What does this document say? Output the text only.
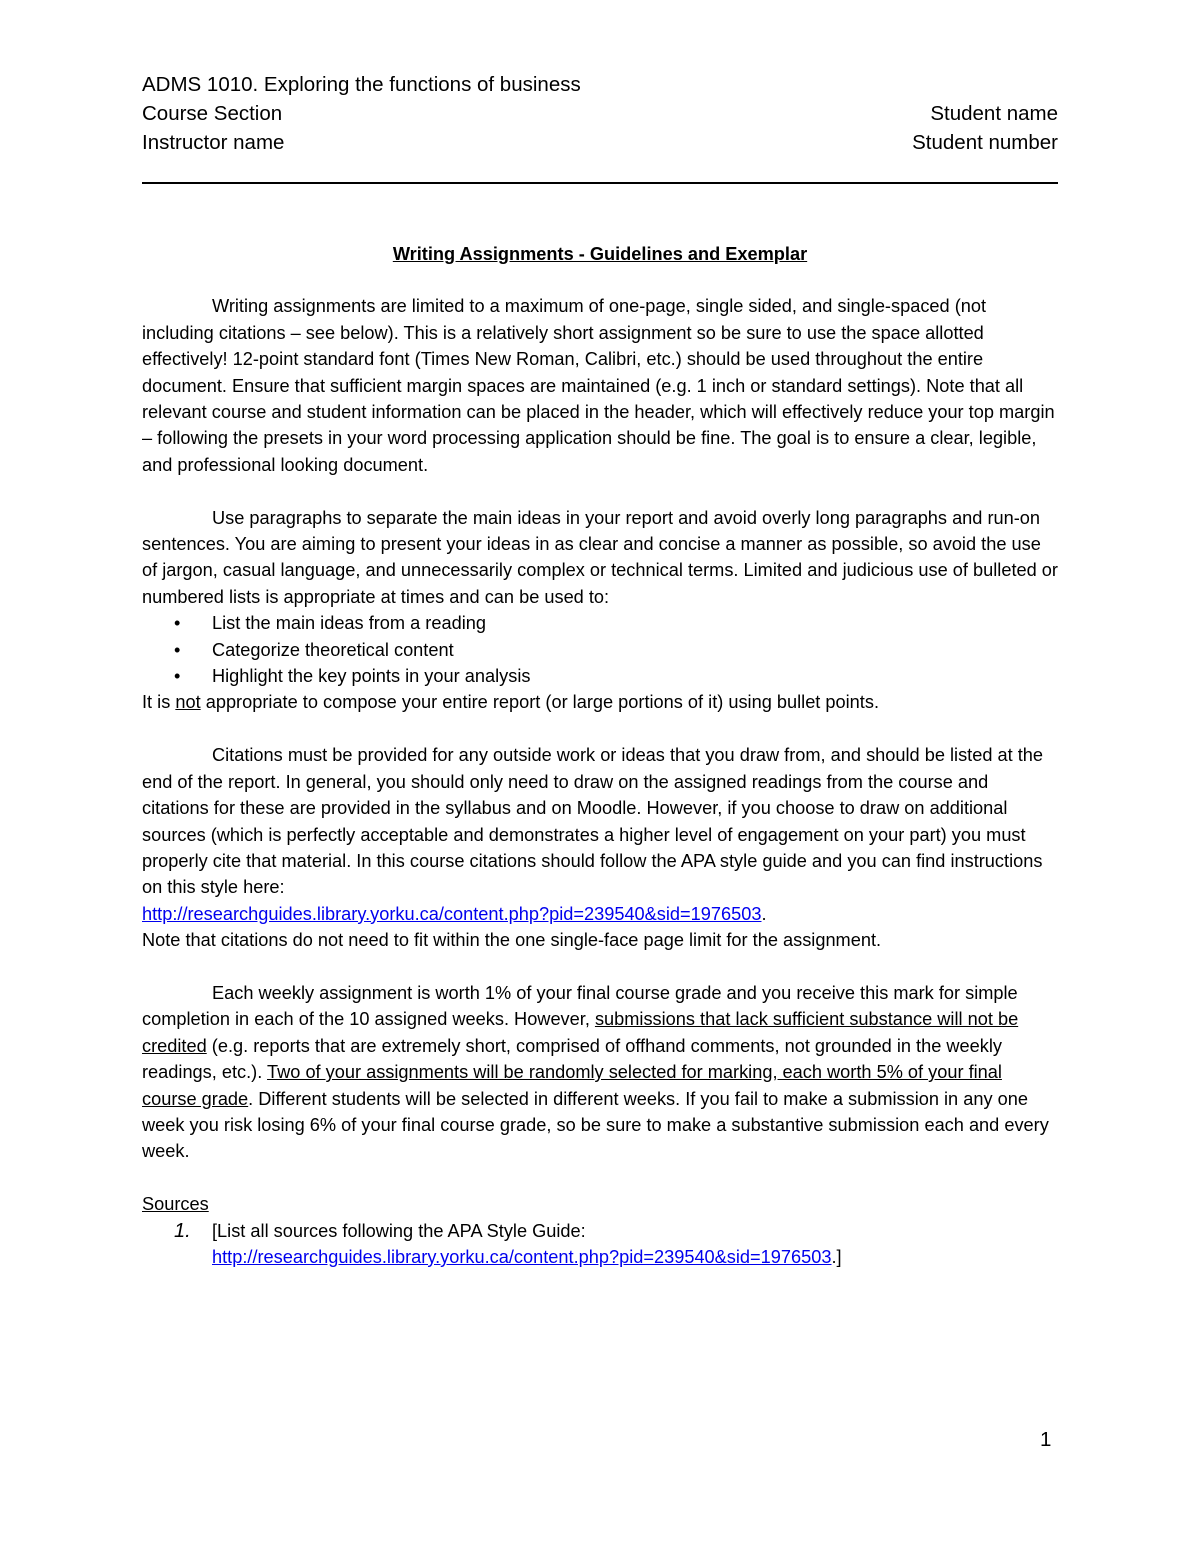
ADMS 1010. Exploring the functions of business
Course Section	Student name
Instructor name	Student number
Writing Assignments - Guidelines and Exemplar

Writing assignments are limited to a maximum of one-page, single sided, and single-spaced (not including citations – see below). This is a relatively short assignment so be sure to use the space allotted effectively! 12-point standard font (Times New Roman, Calibri, etc.) should be used throughout the entire document. Ensure that sufficient margin spaces are maintained (e.g. 1 inch or standard settings). Note that all relevant course and student information can be placed in the header, which will effectively reduce your top margin – following the presets in your word processing application should be fine. The goal is to ensure a clear, legible, and professional looking document.

Use paragraphs to separate the main ideas in your report and avoid overly long paragraphs and run-on sentences. You are aiming to present your ideas in as clear and concise a manner as possible, so avoid the use of jargon, casual language, and unnecessarily complex or technical terms. Limited and judicious use of bulleted or numbered lists is appropriate at times and can be used to:

• List the main ideas from a reading
• Categorize theoretical content
• Highlight the key points in your analysis

It is not appropriate to compose your entire report (or large portions of it) using bullet points.

Citations must be provided for any outside work or ideas that you draw from, and should be listed at the end of the report. In general, you should only need to draw on the assigned readings from the course and citations for these are provided in the syllabus and on Moodle. However, if you choose to draw on additional sources (which is perfectly acceptable and demonstrates a higher level of engagement on your part) you must properly cite that material. In this course citations should follow the APA style guide and you can find instructions on this style here:

http://researchguides.library.yorku.ca/content.php?pid=239540&sid=1976503.

Note that citations do not need to fit within the one single-face page limit for the assignment.

Each weekly assignment is worth 1% of your final course grade and you receive this mark for simple completion in each of the 10 assigned weeks. However, submissions that lack sufficient substance will not be credited (e.g. reports that are extremely short, comprised of offhand comments, not grounded in the weekly readings, etc.). Two of your assignments will be randomly selected for marking, each worth 5% of your final course grade. Different students will be selected in different weeks. If you fail to make a submission in any one week you risk losing 6% of your final course grade, so be sure to make a substantive submission each and every week.

Sources

1. [List all sources following the APA Style Guide:
http://researchguides.library.yorku.ca/content.php?pid=239540&sid=1976503.]
1
